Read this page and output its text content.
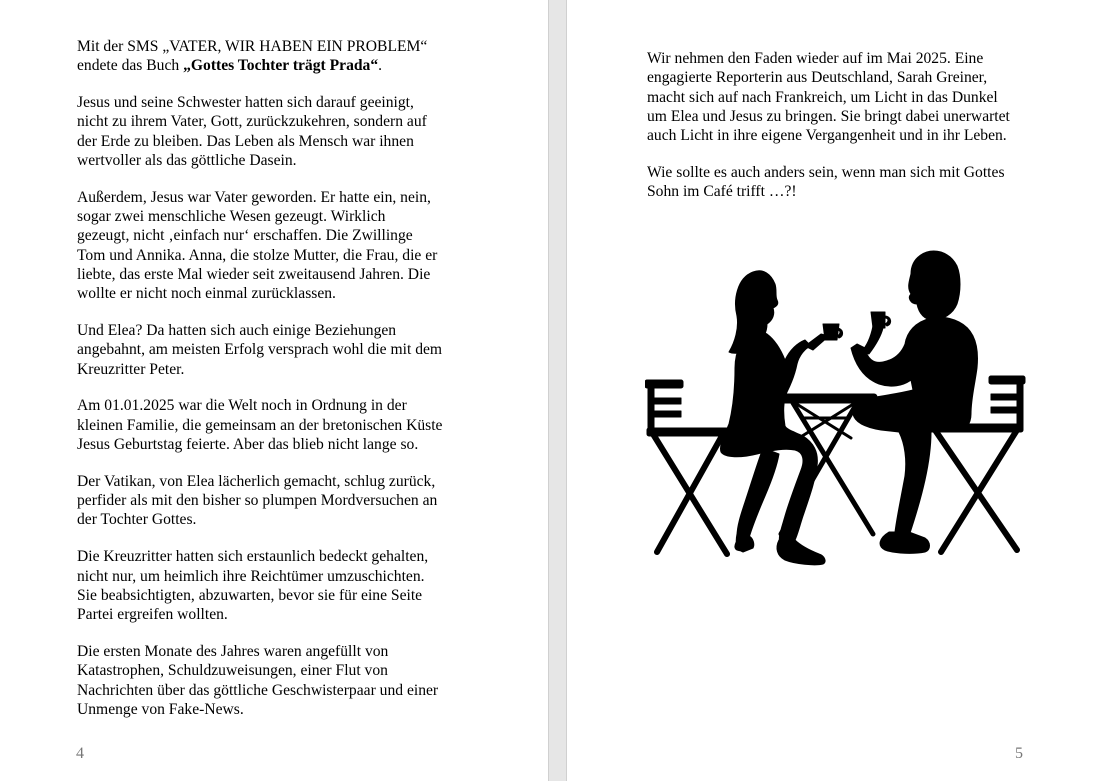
Mit der SMS „VATER, WIR HABEN EIN PROBLEM“
endete das Buch „Gottes Tochter trägt Prada“.

Jesus und seine Schwester hatten sich darauf geeinigt,
nicht zu ihrem Vater, Gott, zurückzukehren, sondern auf
der Erde zu bleiben. Das Leben als Mensch war ihnen
wertvoller als das göttliche Dasein.

Außerdem, Jesus war Vater geworden. Er hatte ein, nein,
sogar zwei menschliche Wesen gezeugt. Wirklich
gezeugt, nicht ‚einfach nur‘ erschaffen. Die Zwillinge
Tom und Annika. Anna, die stolze Mutter, die Frau, die er
liebte, das erste Mal wieder seit zweitausend Jahren. Die
wollte er nicht noch einmal zurücklassen.

Und Elea? Da hatten sich auch einige Beziehungen
angebahnt, am meisten Erfolg versprach wohl die mit dem
Kreuzritter Peter.

Am 01.01.2025 war die Welt noch in Ordnung in der
kleinen Familie, die gemeinsam an der bretonischen Küste
Jesus Geburtstag feierte. Aber das blieb nicht lange so.

Der Vatikan, von Elea lächerlich gemacht, schlug zurück,
perfider als mit den bisher so plumpen Mordversuchen an
der Tochter Gottes.

Die Kreuzritter hatten sich erstaunlich bedeckt gehalten,
nicht nur, um heimlich ihre Reichtümer umzuschichten.
Sie beabsichtigten, abzuwarten, bevor sie für eine Seite
Partei ergreifen wollten.

Die ersten Monate des Jahres waren angefüllt von
Katastrophen, Schuldzuweisungen, einer Flut von
Nachrichten über das göttliche Geschwisterpaar und einer
Unmenge von Fake-News.

4

Wir nehmen den Faden wieder auf im Mai 2025. Eine
engagierte Reporterin aus Deutschland, Sarah Greiner,
macht sich auf nach Frankreich, um Licht in das Dunkel
um Elea und Jesus zu bringen. Sie bringt dabei unerwartet
auch Licht in ihre eigene Vergangenheit und in ihr Leben.

Wie sollte es auch anders sein, wenn man sich mit Gottes
Sohn im Café trifft …?!

5
